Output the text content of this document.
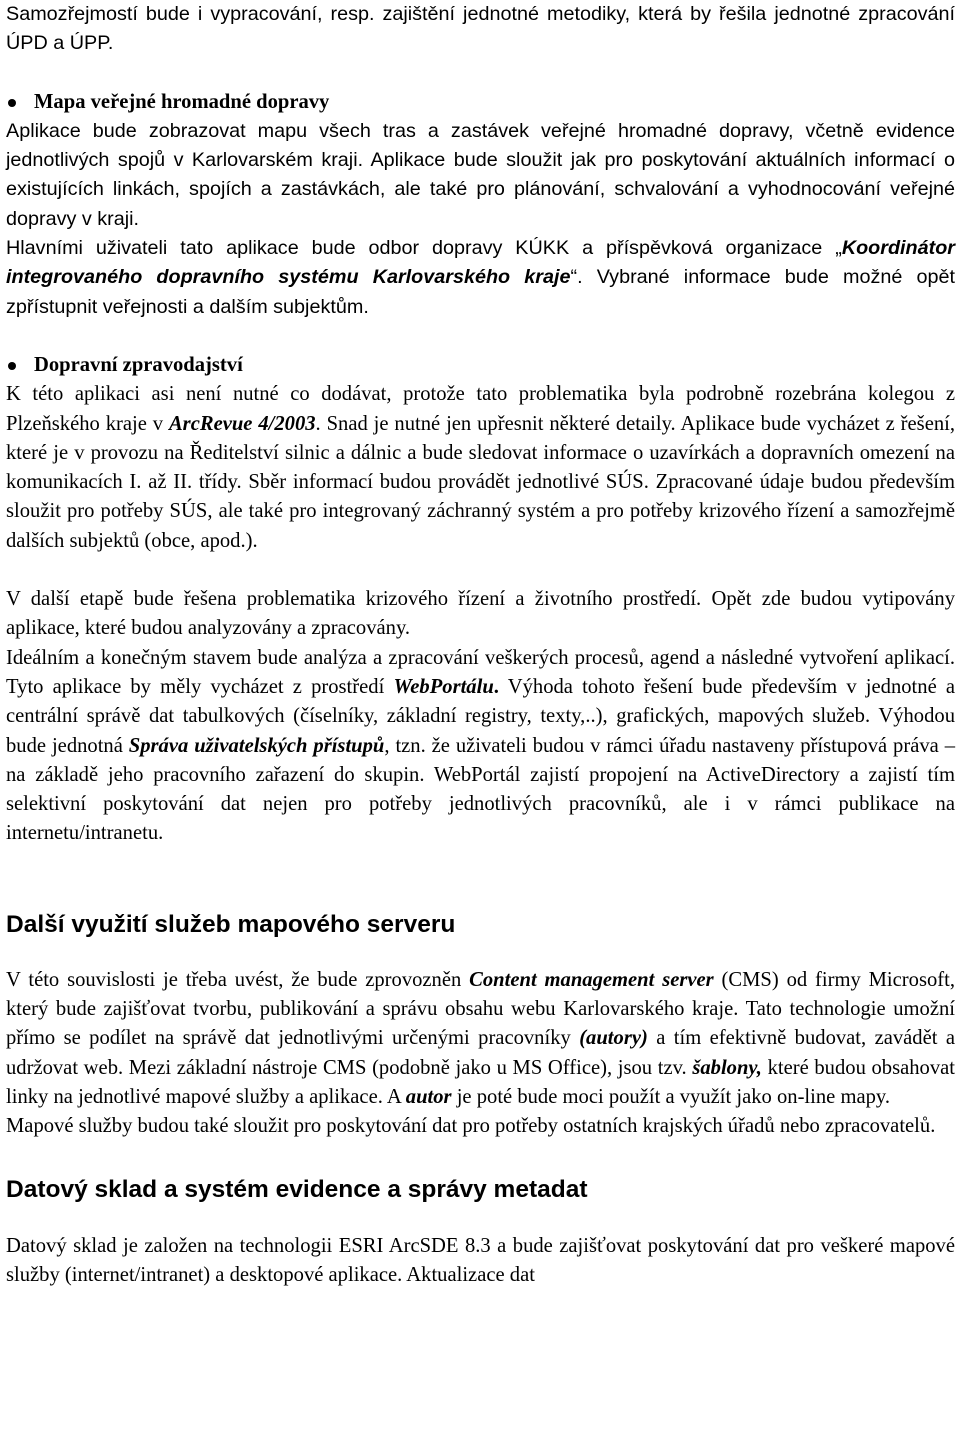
Samozřejmostí bude i vypracování, resp. zajištění jednotné metodiky, která by řešila jednotné zpracování ÚPD a ÚPP.

Mapa veřejné hromadné dopravy

Aplikace bude zobrazovat mapu všech tras a zastávek veřejné hromadné dopravy, včetně evidence jednotlivých spojů v Karlovarském kraji. Aplikace bude sloužit jak pro poskytování aktuálních informací o existujících linkách, spojích a zastávkách, ale také pro plánování, schvalování a vyhodnocování veřejné dopravy v kraji.

Hlavními uživateli tato aplikace bude odbor dopravy KÚKK a příspěvková organizace „Koordinátor integrovaného dopravního systému Karlovarského kraje“. Vybrané informace bude možné opět zpřístupnit veřejnosti a dalším subjektům.

Dopravní zpravodajství

K této aplikaci asi není nutné co dodávat, protože tato problematika byla podrobně rozebrána kolegou z Plzeňského kraje v ArcRevue 4/2003. Snad je nutné jen upřesnit některé detaily. Aplikace bude vycházet z řešení, které je v provozu na Ředitelství silnic a dálnic a bude sledovat informace o uzavírkách a dopravních omezení na komunikacích I. až II. třídy. Sběr informací budou provádět jednotlivé SÚS. Zpracované údaje budou především sloužit pro potřeby SÚS, ale také pro integrovaný záchranný systém a pro potřeby krizového řízení a samozřejmě dalších subjektů (obce, apod.).

V další etapě bude řešena problematika krizového řízení a životního prostředí. Opět zde budou vytipovány aplikace, které budou analyzovány a zpracovány.

Ideálním a konečným stavem bude analýza a zpracování veškerých procesů, agend a následné vytvoření aplikací. Tyto aplikace by měly vycházet z prostředí WebPortálu. Výhoda tohoto řešení bude především v jednotné a centrální správě dat tabulkových (číselníky, základní registry, texty,..), grafických, mapových služeb. Výhodou bude jednotná Správa uživatelských přístupů, tzn. že uživateli budou v rámci úřadu nastaveny přístupová práva – na základě jeho pracovního zařazení do skupin. WebPortál zajistí propojení na ActiveDirectory a zajistí tím selektivní poskytování dat nejen pro potřeby jednotlivých pracovníků, ale i v rámci publikace na internetu/intranetu.

Další využití služeb mapového serveru

V této souvislosti je třeba uvést, že bude zprovozněn Content management server (CMS) od firmy Microsoft, který bude zajišťovat tvorbu, publikování a správu obsahu webu Karlovarského kraje. Tato technologie umožní přímo se podílet na správě dat jednotlivými určenými pracovníky (autory) a tím efektivně budovat, zavádět a udržovat web. Mezi základní nástroje CMS (podobně jako u MS Office), jsou tzv. šablony, které budou obsahovat linky na jednotlivé mapové služby a aplikace. A autor je poté bude moci použít a využít jako on-line mapy.

Mapové služby budou také sloužit pro poskytování dat pro potřeby ostatních krajských úřadů nebo zpracovatelů.

Datový sklad a systém evidence a správy metadat

Datový sklad je založen na technologii ESRI ArcSDE 8.3 a bude zajišťovat poskytování dat pro veškeré mapové služby (internet/intranet) a desktopové aplikace. Aktualizace dat
